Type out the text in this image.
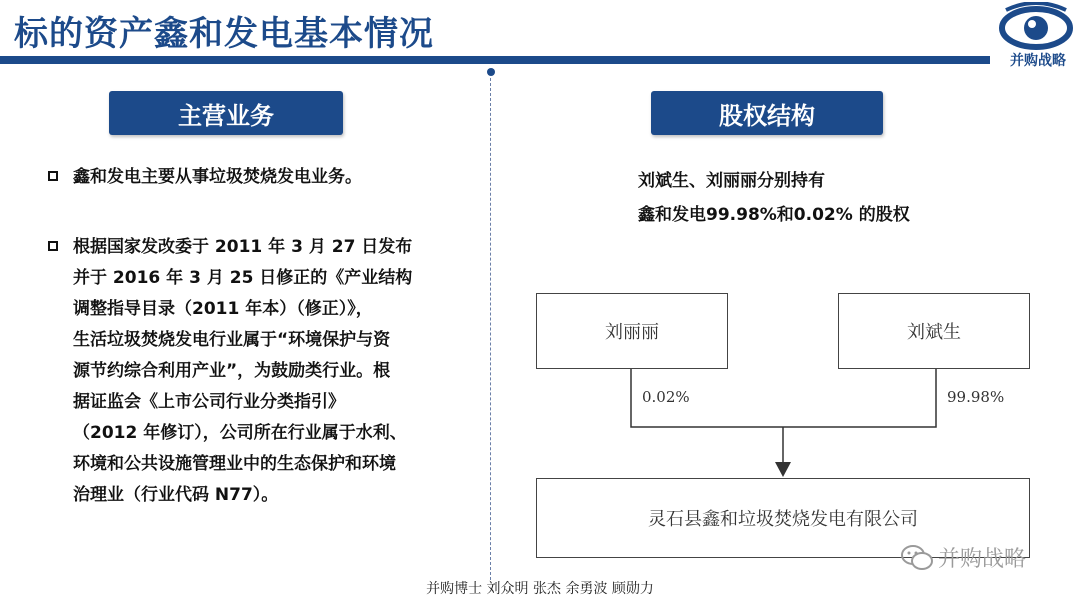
标的资产鑫和发电基本情况
并购战略
主营业务	股权结构
鑫和发电主要从事垃圾焚烧发电业务。
根据国家发改委于 2011 年 3 月 27 日发布
并于 2016 年 3 月 25 日修正的《产业结构
调整指导目录（2011 年本）（修正）》，
生活垃圾焚烧发电行业属于“环境保护与资
源节约综合利用产业”，为鼓励类行业。根
据证监会《上市公司行业分类指引》
（2012 年修订），公司所在行业属于水利、
环境和公共设施管理业中的生态保护和环境
治理业（行业代码 N77）。
刘斌生、刘丽丽分别持有
鑫和发电99.98%和0.02% 的股权
刘丽丽	刘斌生
0.02%	99.98%
灵石县鑫和垃圾焚烧发电有限公司
并购战略
并购博士 刘众明 张杰 余勇波 顾勋力
